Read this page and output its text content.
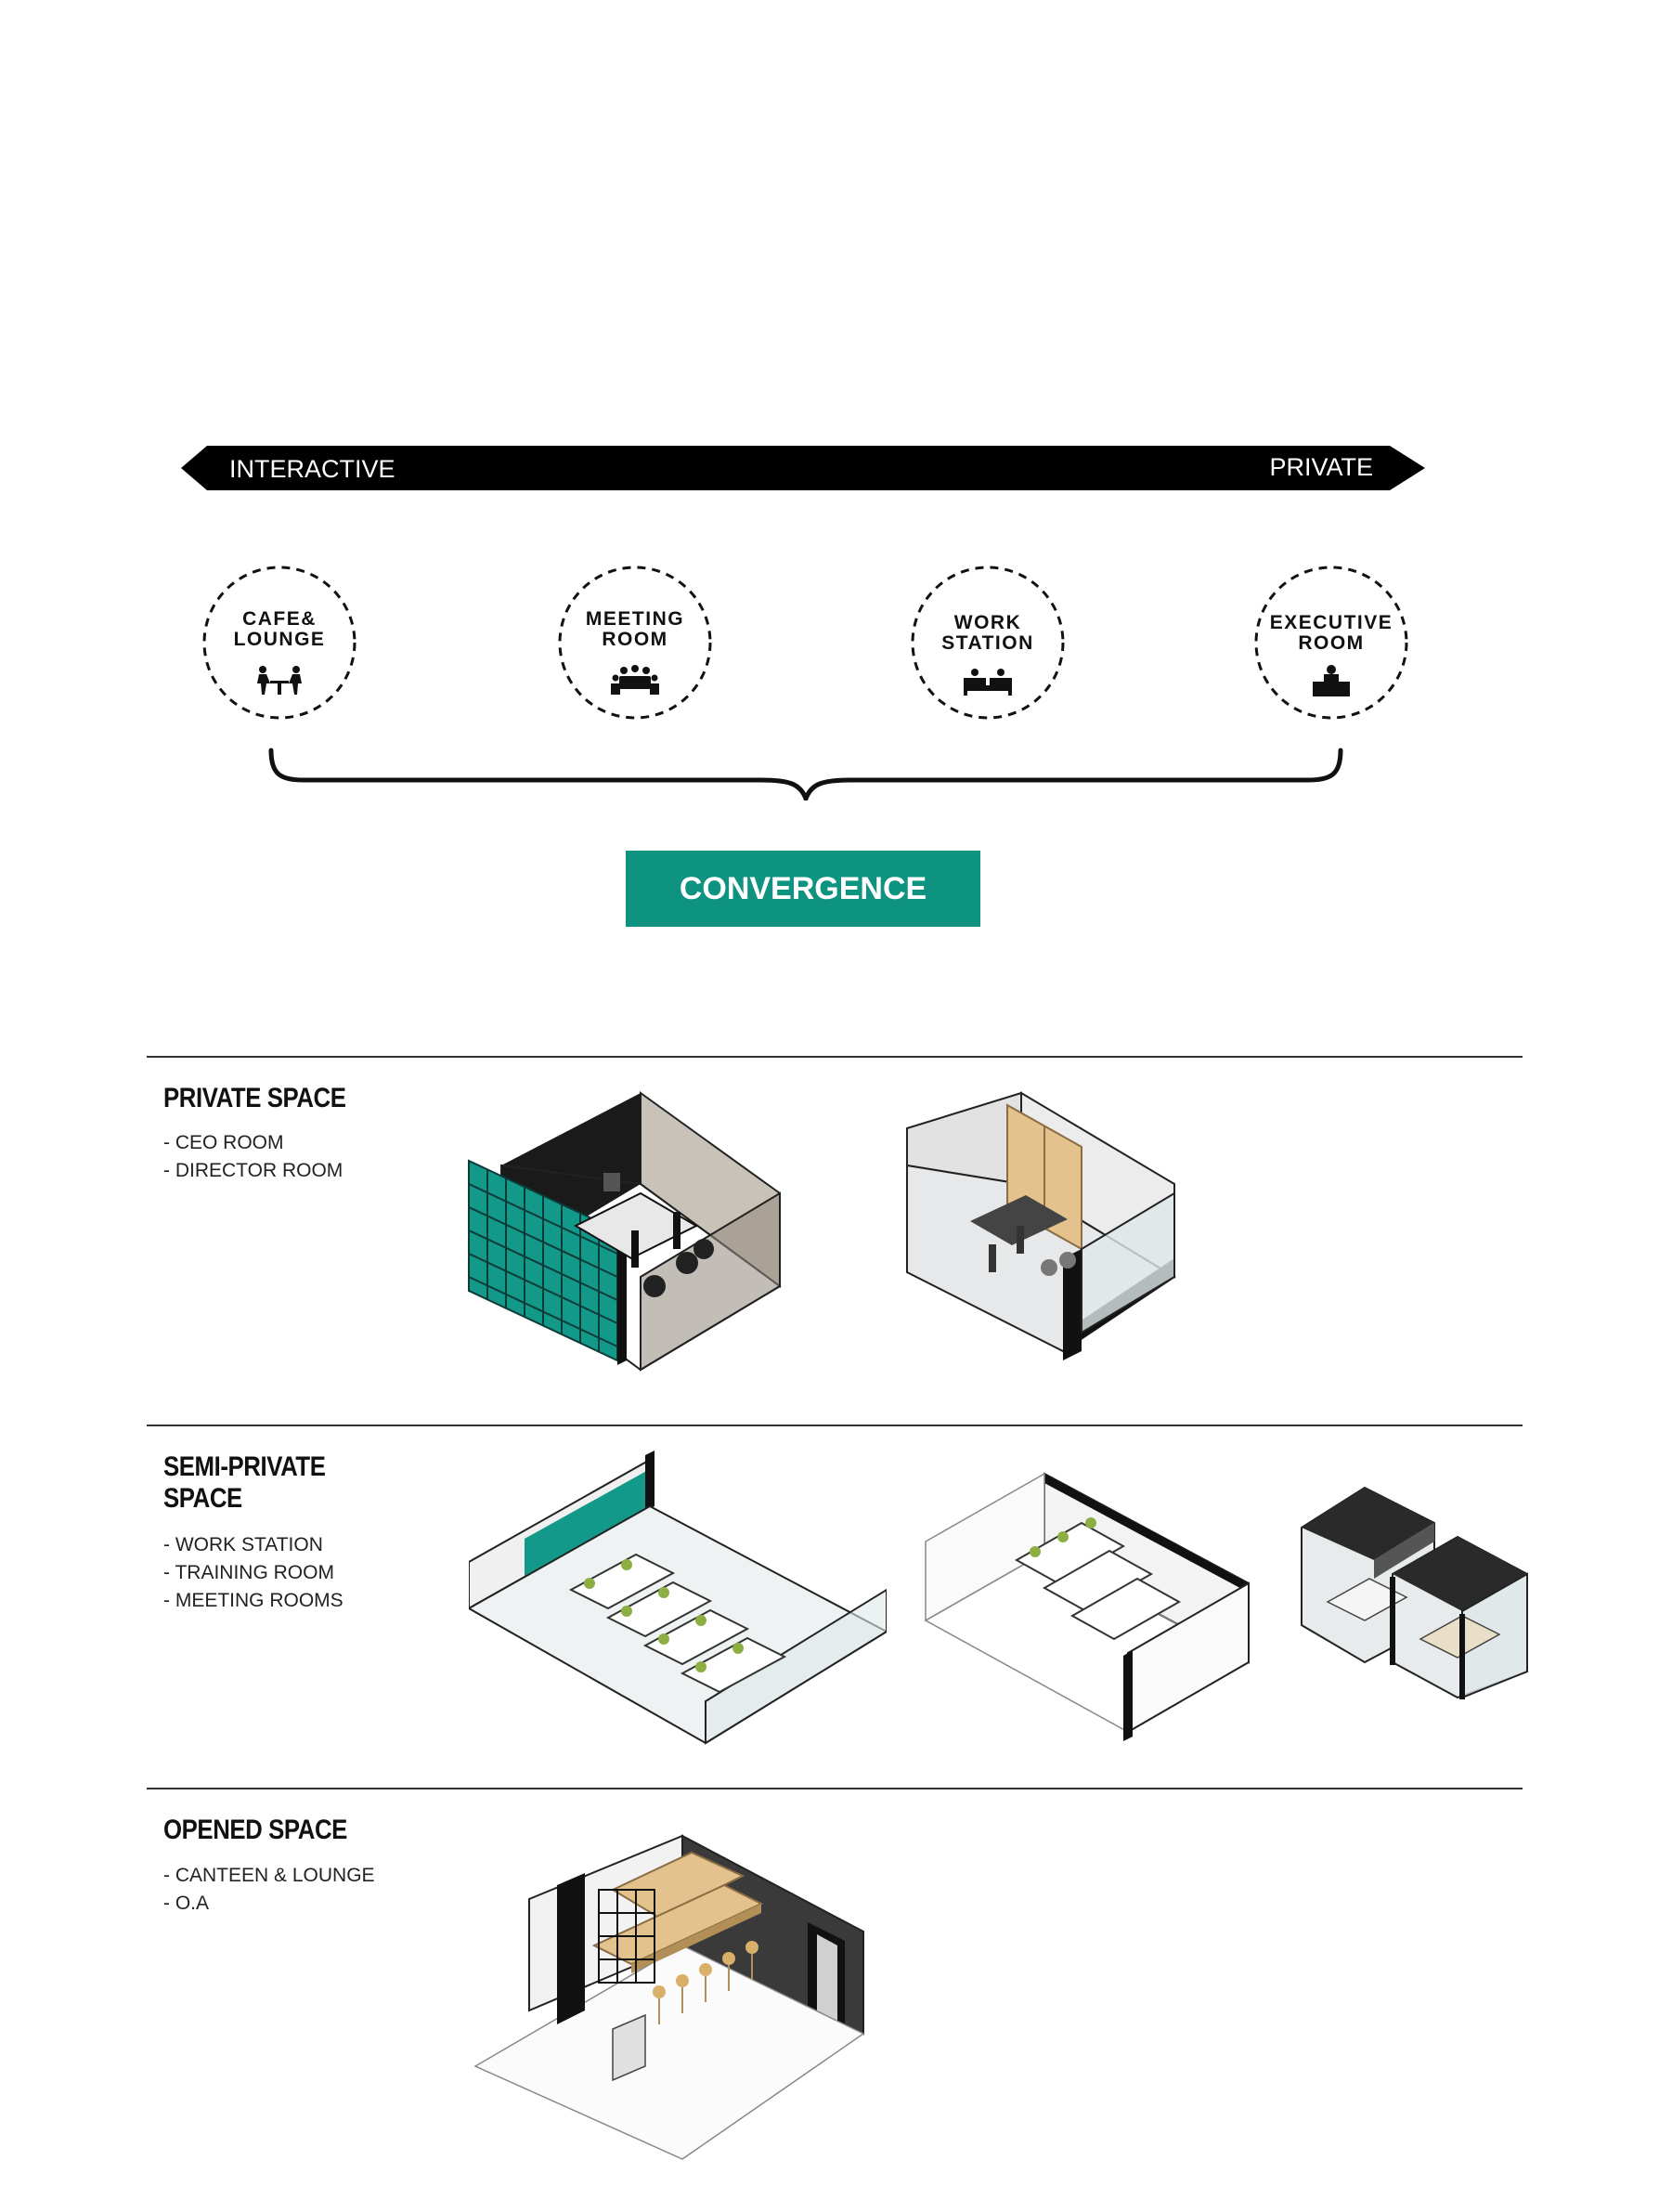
INTERACTIVE	PRIVATE
CAFE&
LOUNGE
MEETING
ROOM
WORK
STATION
EXECUTIVE
ROOM
CONVERGENCE
PRIVATE SPACE
- CEO ROOM
- DIRECTOR ROOM
SEMI-PRIVATE
SPACE
- WORK STATION
- TRAINING ROOM
- MEETING ROOMS
OPENED SPACE
- CANTEEN & LOUNGE
- O.A
